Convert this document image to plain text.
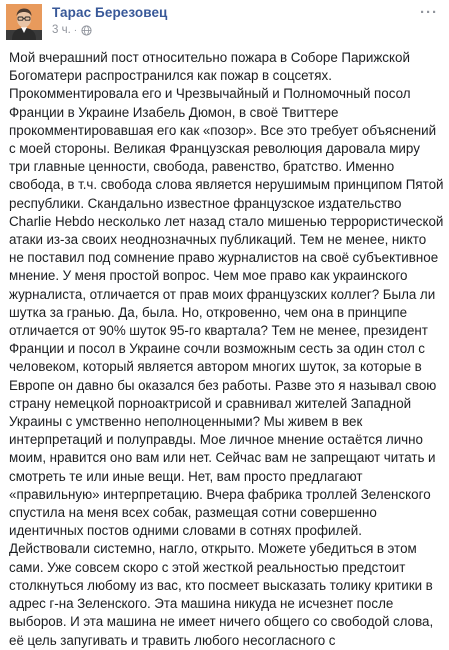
Тарас Березовец
3 ч. ·
···
Мой вчерашний пост относительно пожара в Соборе Парижской Богоматери распространился как пожар в соцсетях. Прокомментировала его и Чрезвычайный и Полномочный посол Франции в Украине Изабель Дюмон, в своё Твиттере прокомментировавшая его как «позор». Все это требует объяснений с моей стороны. Великая Французская революция даровала миру три главные ценности, свобода, равенство, братство. Именно свобода, в т.ч. свобода слова является нерушимым принципом Пятой республики. Скандально известное французское издательство Charlie Hebdo несколько лет назад стало мишенью террористической атаки из-за своих неоднозначных публикаций. Тем не менее, никто не поставил под сомнение право журналистов на своё субъективное мнение. У меня простой вопрос. Чем мое право как украинского журналиста, отличается от прав моих французских коллег? Была ли шутка за гранью. Да, была. Но, откровенно, чем она в принципе отличается от 90% шуток 95-го квартала? Тем не менее, президент Франции и посол в Украине сочли возможным сесть за один стол с человеком, который является автором многих шуток, за которые в Европе он давно бы оказался без работы. Разве это я называл свою страну немецкой порноактрисой и сравнивал жителей Западной Украины с умственно неполноценными? Мы живем в век интерпретаций и полуправды. Мое личное мнение остаётся лично моим, нравится оно вам или нет. Сейчас вам не запрещают читать и смотреть те или иные вещи. Нет, вам просто предлагают «правильную» интерпретацию. Вчера фабрика троллей Зеленского спустила на меня всех собак, размещая сотни совершенно идентичных постов одними словами в сотнях профилей. Действовали системно, нагло, открыто. Можете убедиться в этом сами. Уже совсем скоро с этой жесткой реальностью предстоит столкнуться любому из вас, кто посмеет высказать толику критики в адрес г-на Зеленского. Эта машина никуда не исчезнет после выборов. И эта машина не имеет ничего общего со свободой слова, её цель запугивать и травить любого несогласного с
